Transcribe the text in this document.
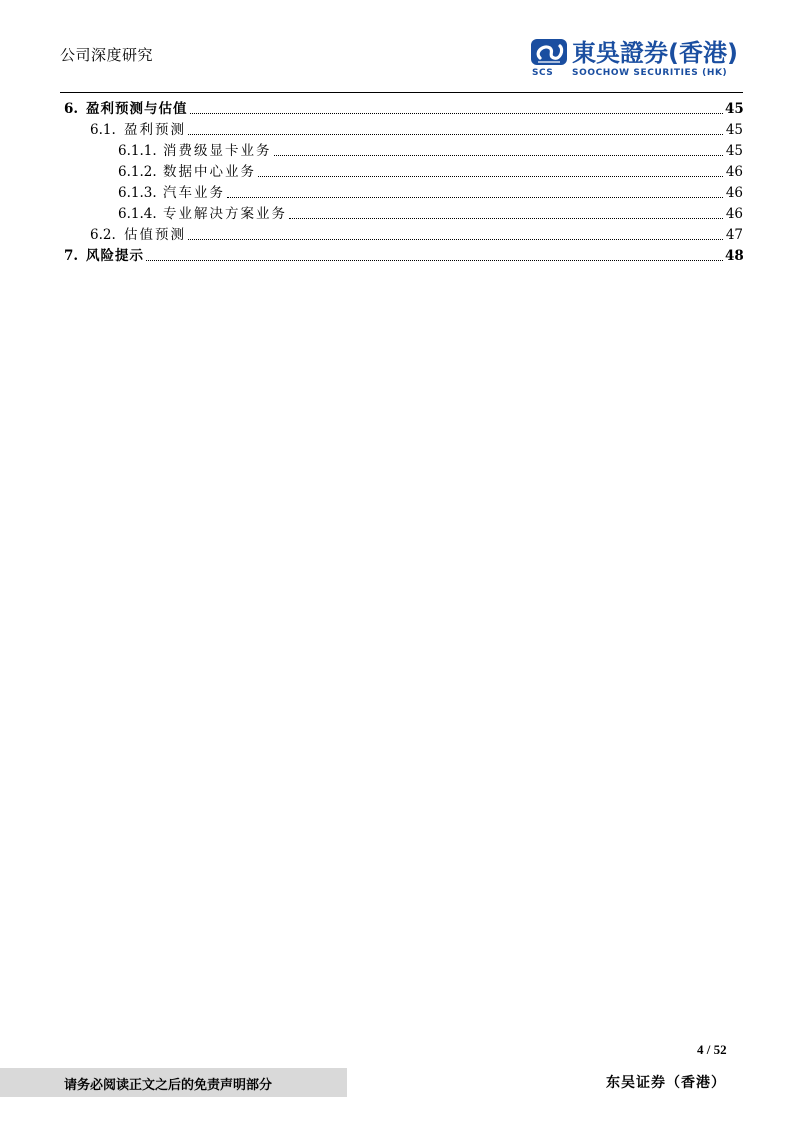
公司深度研究
SCS
東吳證券(香港)
SOOCHOW SECURITIES (HK)
6. 盈利预测与估值	45
6.1. 盈利预测	45
6.1.1. 消费级显卡业务	45
6.1.2. 数据中心业务	46
6.1.3. 汽车业务	46
6.1.4. 专业解决方案业务	46
6.2. 估值预测	47
7. 风险提示	48
4 / 52
请务必阅读正文之后的免责声明部分	东吴证券（香港）
